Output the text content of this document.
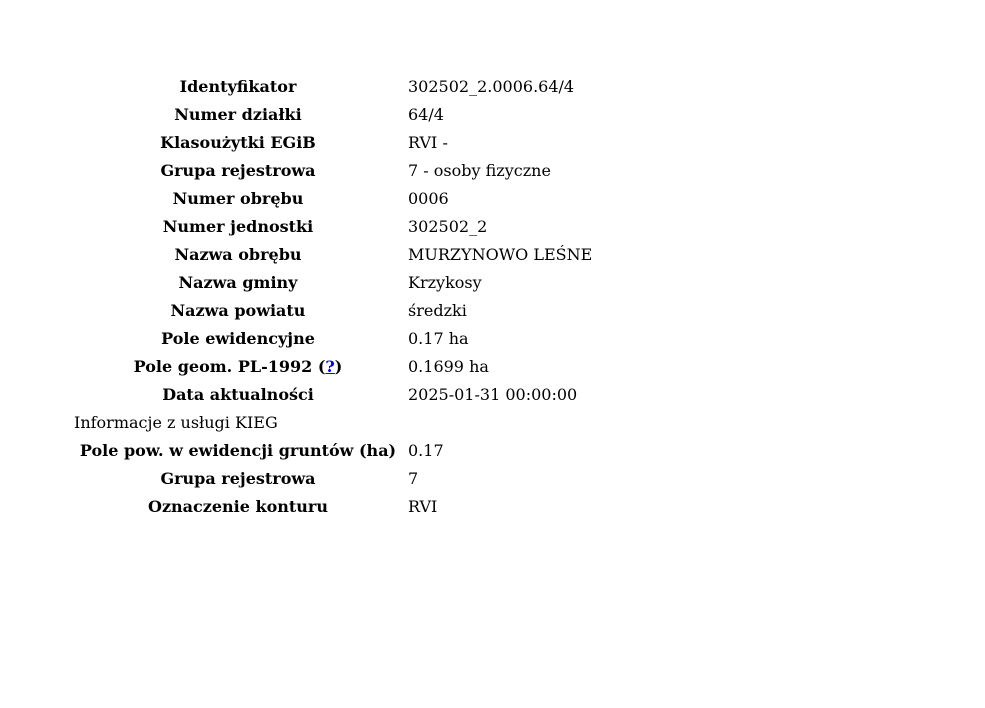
Identyfikator	302502_2.0006.64/4
Numer działki	64/4
Klasoużytki EGiB	RVI -
Grupa rejestrowa	7 - osoby fizyczne
Numer obrębu	0006
Numer jednostki	302502_2
Nazwa obrębu	MURZYNOWO LEŚNE
Nazwa gminy	Krzykosy
Nazwa powiatu	średzki
Pole ewidencyjne	0.17 ha
Pole geom. PL-1992 (?)	0.1699 ha
Data aktualności	2025-01-31 00:00:00
Informacje z usługi KIEG	
Pole pow. w ewidencji gruntów (ha)	0.17
Grupa rejestrowa	7
Oznaczenie konturu	RVI
